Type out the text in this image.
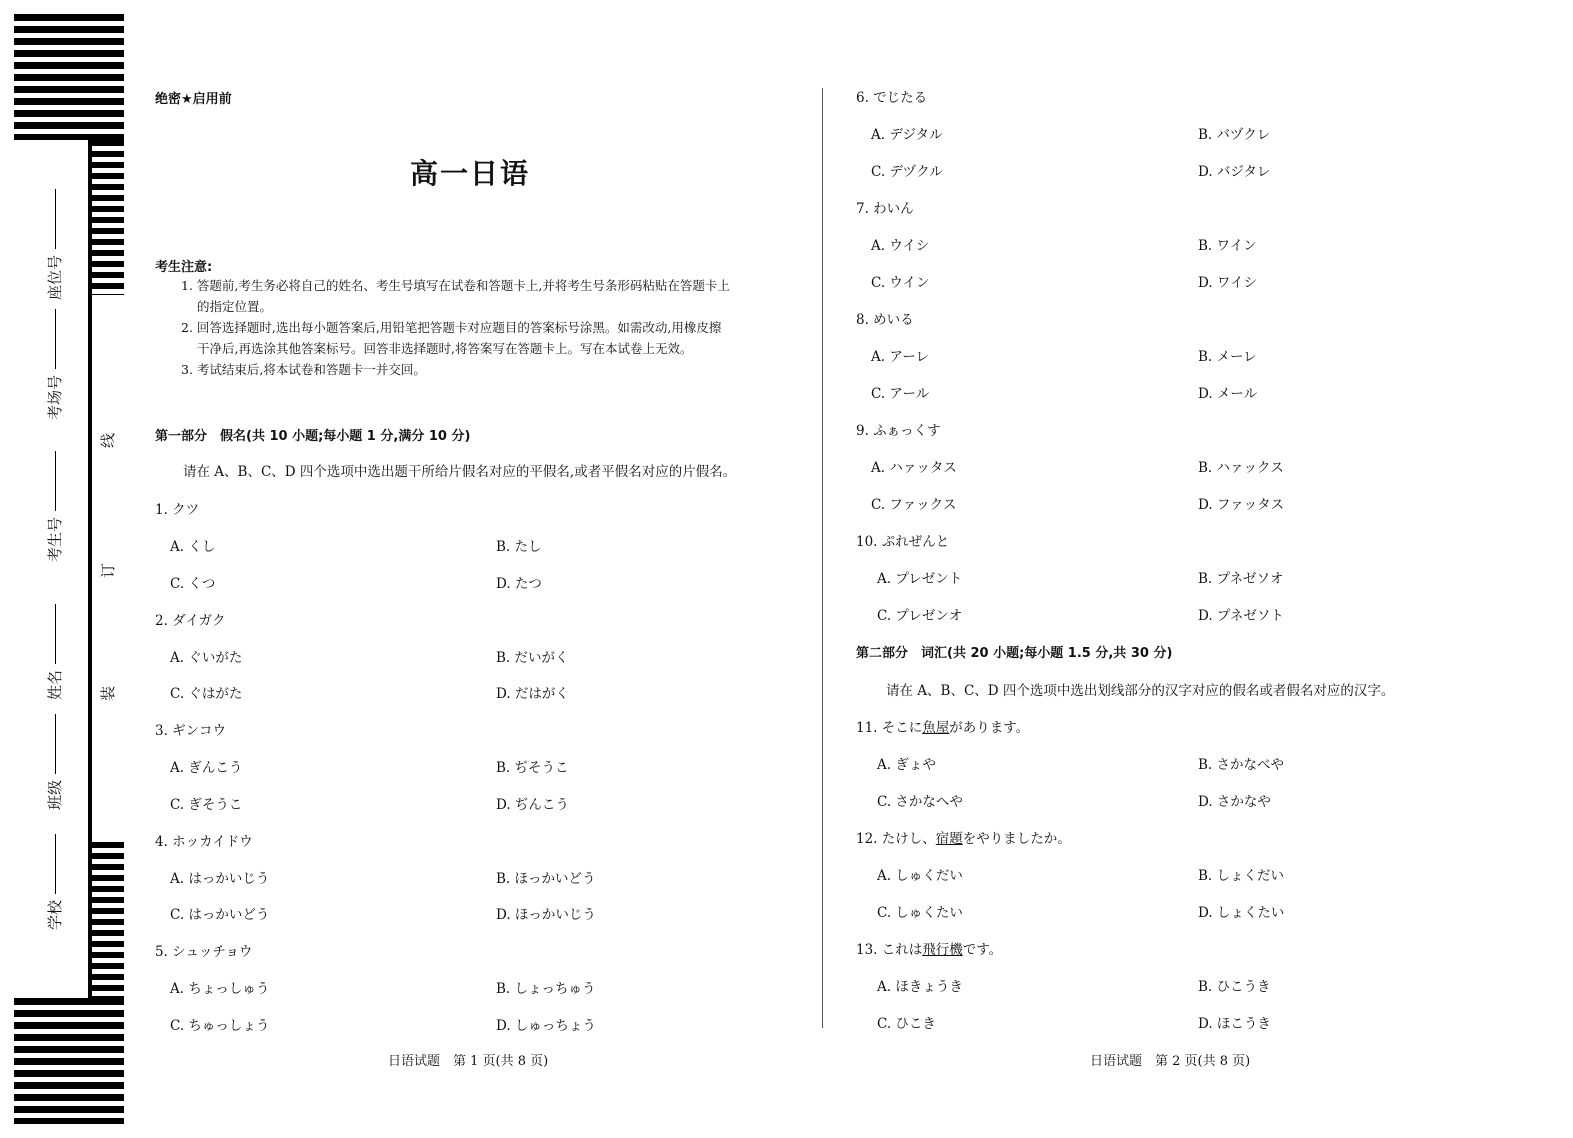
座位号
考场号
考生号
姓名
班级
学校
线
订
装
绝密★启用前
高一日语
考生注意:
1. 答题前,考生务必将自己的姓名、考生号填写在试卷和答题卡上,并将考生号条形码粘贴在答题卡上
的指定位置。
2. 回答选择题时,选出每小题答案后,用铅笔把答题卡对应题目的答案标号涂黑。如需改动,用橡皮擦
干净后,再选涂其他答案标号。回答非选择题时,将答案写在答题卡上。写在本试卷上无效。
3. 考试结束后,将本试卷和答题卡一并交回。
第一部分　假名(共 10 小题;每小题 1 分,满分 10 分)
请在 A、B、C、D 四个选项中选出题干所给片假名对应的平假名,或者平假名对应的片假名。
1. クツ
A. くし	B. たし
C. くつ	D. たつ
2. ダイガク
A. ぐいがた	B. だいがく
C. ぐはがた	D. だはがく
3. ギンコウ
A. ぎんこう	B. ぢそうこ
C. ぎそうこ	D. ぢんこう
4. ホッカイドウ
A. はっかいじう	B. ほっかいどう
C. はっかいどう	D. ほっかいじう
5. シュッチョウ
A. ちょっしゅう	B. しょっちゅう
C. ちゅっしょう	D. しゅっちょう
日语试题　第 1 页(共 8 页)
6. でじたる
A. デジタル	B. バヅクレ
C. デヅクル	D. バジタレ
7. わいん
A. ウイシ	B. ワイン
C. ウイン	D. ワイシ
8. めいる
A. アーレ	B. メーレ
C. アール	D. メール
9. ふぁっくす
A. ハァッタス	B. ハァックス
C. ファックス	D. ファッタス
10. ぷれぜんと
A. プレゼント	B. プネゼソオ
C. プレゼンオ	D. プネゼソト
第二部分　词汇(共 20 小题;每小题 1.5 分,共 30 分)
请在 A、B、C、D 四个选项中选出划线部分的汉字对应的假名或者假名对应的汉字。
11. そこに魚屋があります。
A. ぎょや	B. さかなべや
C. さかなへや	D. さかなや
12. たけし、宿題をやりましたか。
A. しゅくだい	B. しょくだい
C. しゅくたい	D. しょくたい
13. これは飛行機です。
A. ほきょうき	B. ひこうき
C. ひこき	D. ほこうき
日语试题　第 2 页(共 8 页)
